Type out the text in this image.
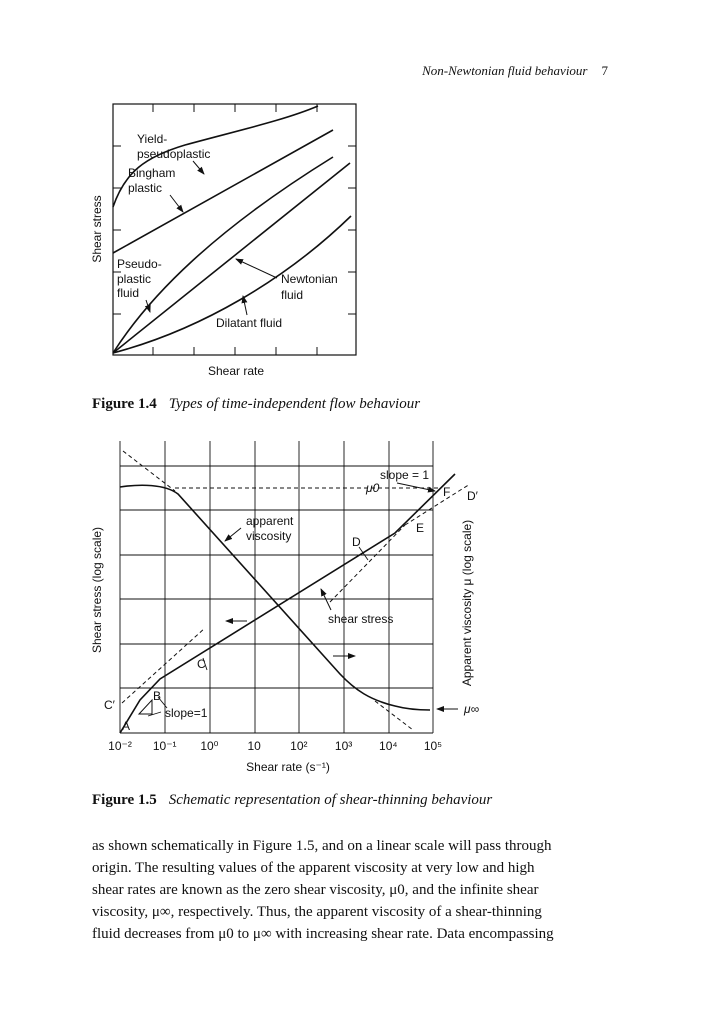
Non-Newtonian fluid behaviour 7
Yield-
pseudoplastic
Bingham
plastic
Pseudo-
plastic
fluid
Newtonian
fluid
Dilatant fluid
Shear rate
Shear stress
slope = 1
μ0	F D′
E
D
apparent
viscosity
shear stress
C
B
A
C′
slope=1	μ∞
10⁻² 10⁻¹ 10⁰ 10 10² 10³ 10⁴ 10⁵
Shear rate (s⁻¹)
Shear stress (log scale)	Apparent viscosity μ (log scale)
Figure 1.4 Types of time-independent flow behaviour
Figure 1.5 Schematic representation of shear-thinning behaviour

as shown schematically in Figure 1.5, and on a linear scale will pass through

origin. The resulting values of the apparent viscosity at very low and high

shear rates are known as the zero shear viscosity, μ0, and the infinite shear

viscosity, μ∞, respectively. Thus, the apparent viscosity of a shear-thinning

fluid decreases from μ0 to μ∞ with increasing shear rate. Data encompassing
